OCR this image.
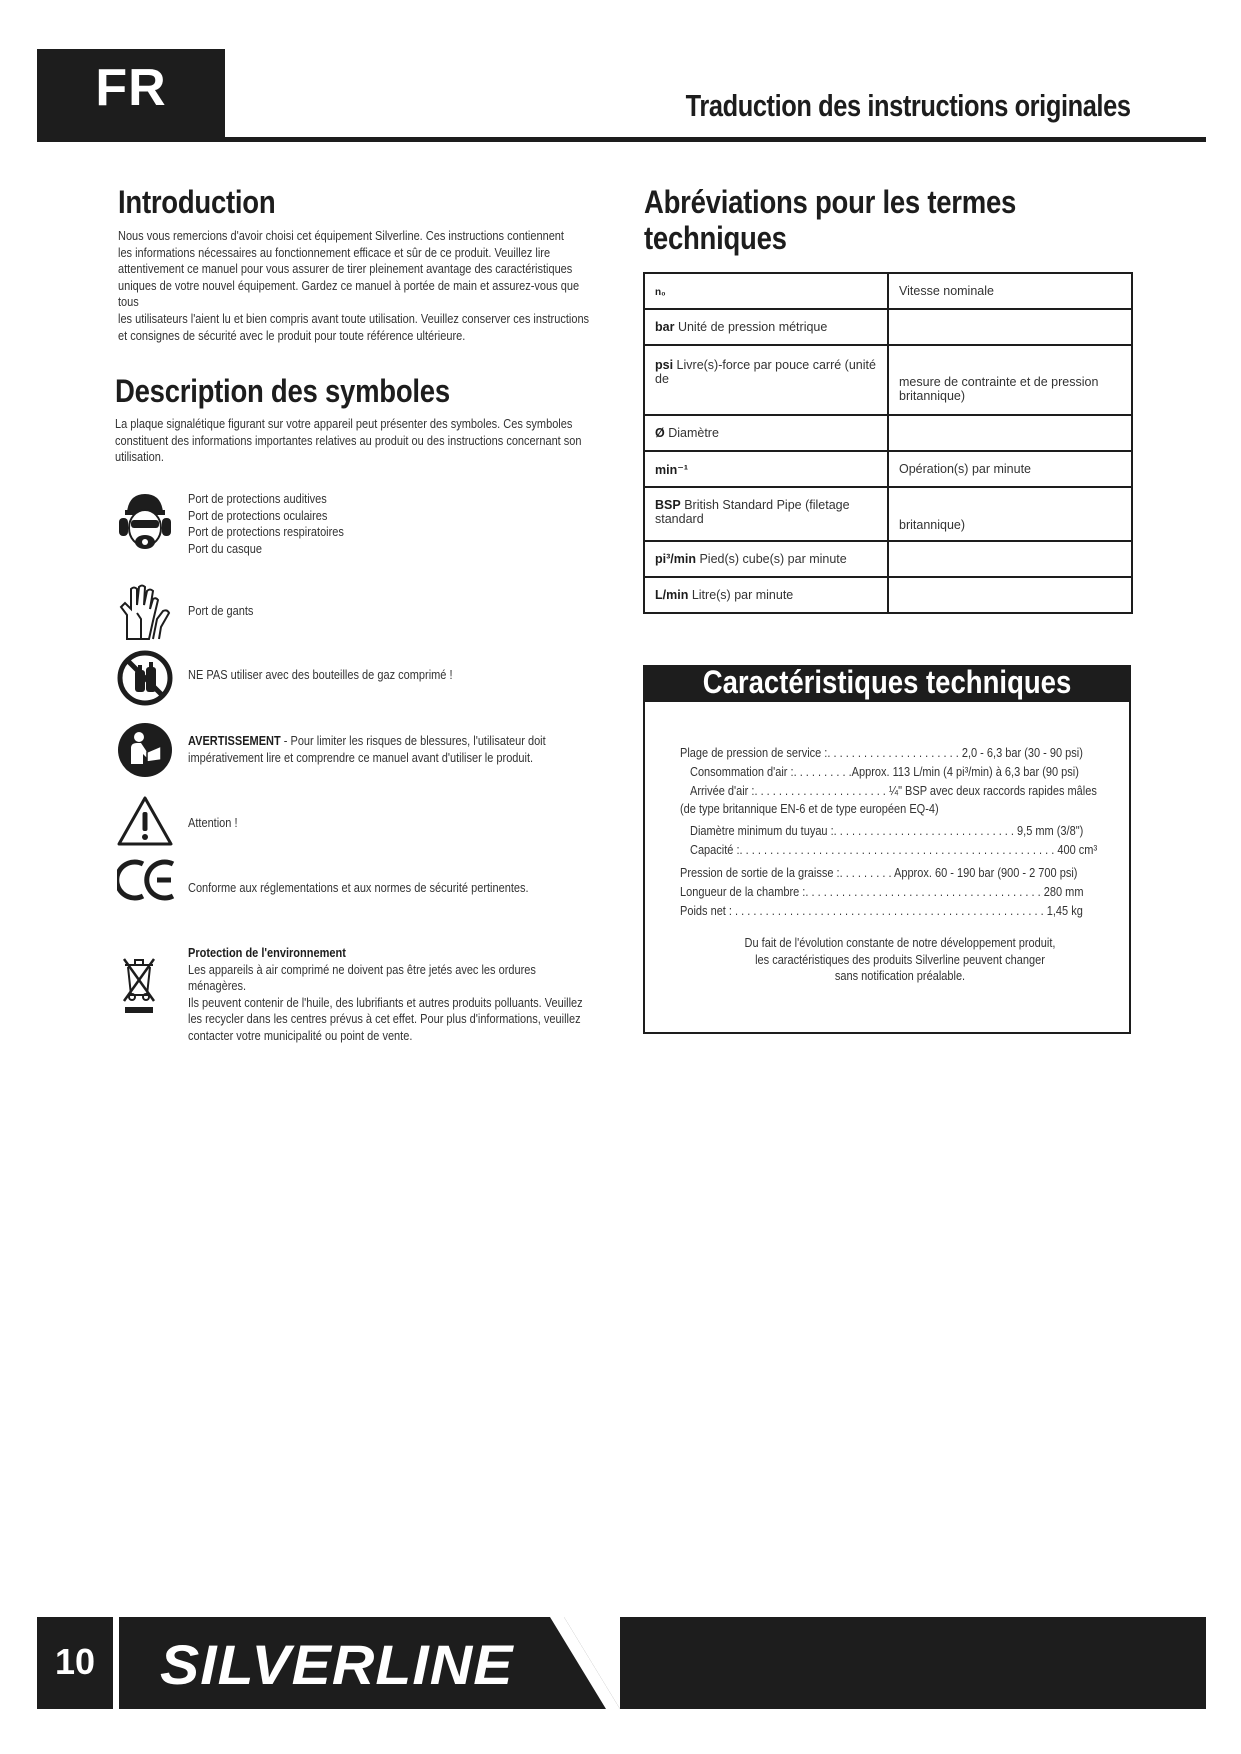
FR	Traduction des instructions originales
Introduction
Nous vous remercions d'avoir choisi cet équipement Silverline. Ces instructions contiennent
les informations nécessaires au fonctionnement efficace et sûr de ce produit. Veuillez lire
attentivement ce manuel pour vous assurer de tirer pleinement avantage des caractéristiques
uniques de votre nouvel équipement. Gardez ce manuel à portée de main et assurez-vous que tous
les utilisateurs l'aient lu et bien compris avant toute utilisation. Veuillez conserver ces instructions
et consignes de sécurité avec le produit pour toute référence ultérieure.
Description des symboles
La plaque signalétique figurant sur votre appareil peut présenter des symboles. Ces symboles
constituent des informations importantes relatives au produit ou des instructions concernant son
utilisation.
Port de protections auditives
Port de protections oculaires
Port de protections respiratoires
Port du casque
Port de gants
NE PAS utiliser avec des bouteilles de gaz comprimé !
AVERTISSEMENT - Pour limiter les risques de blessures, l'utilisateur doit
impérativement lire et comprendre ce manuel avant d'utiliser le produit.
Attention !
Conforme aux réglementations et aux normes de sécurité pertinentes.
Protection de l'environnement
Les appareils à air comprimé ne doivent pas être jetés avec les ordures ménagères.
Ils peuvent contenir de l'huile, des lubrifiants et autres produits polluants. Veuillez
les recycler dans les centres prévus à cet effet. Pour plus d'informations, veuillez
contacter votre municipalité ou point de vente.
Abréviations pour les termes
techniques
n₀	Vitesse nominale
bar Unité de pression métrique	
psi Livre(s)-force par pouce carré (unité de	mesure de contrainte et de pression britannique)
Ø Diamètre	
min⁻¹	Opération(s) par minute
BSP British Standard Pipe (filetage standard	britannique)
pi³/min Pied(s) cube(s) par minute	
L/min Litre(s) par minute	
Caractéristiques techniques
Plage de pression de service :. . . . . . . . . . . . . . . . . . . . . . 2,0 - 6,3 bar (30 - 90 psi)
Consommation d'air :. . . . . . . . . .Approx. 113 L/min (4 pi³/min) à 6,3 bar (90 psi)
Arrivée d'air :. . . . . . . . . . . . . . . . . . . . . . ¼" BSP avec deux raccords rapides mâles
(de type britannique EN-6 et de type européen EQ-4)
Diamètre minimum du tuyau :. . . . . . . . . . . . . . . . . . . . . . . . . . . . . . 9,5 mm (3/8")
Capacité :. . . . . . . . . . . . . . . . . . . . . . . . . . . . . . . . . . . . . . . . . . . . . . . . . . . . 400 cm³
Pression de sortie de la graisse :. . . . . . . . . Approx. 60 - 190 bar (900 - 2 700 psi)
Longueur de la chambre :. . . . . . . . . . . . . . . . . . . . . . . . . . . . . . . . . . . . . . . 280 mm
Poids net : . . . . . . . . . . . . . . . . . . . . . . . . . . . . . . . . . . . . . . . . . . . . . . . . . . . 1,45 kg
Du fait de l'évolution constante de notre développement produit,
les caractéristiques des produits Silverline peuvent changer
sans notification préalable.
10	SILVERLINE
